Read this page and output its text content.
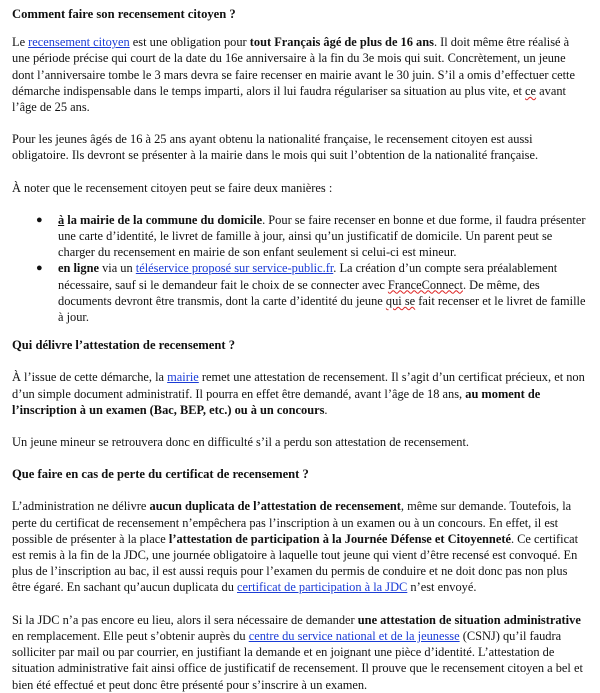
Comment faire son recensement citoyen ?

Le recensement citoyen est une obligation pour tout Français âgé de plus de 16 ans. Il doit même être réalisé à une période précise qui court de la date du 16e anniversaire à la fin du 3e mois qui suit. Concrètement, un jeune dont l’anniversaire tombe le 3 mars devra se faire recenser en mairie avant le 30 juin. S’il a omis d’effectuer cette démarche indispensable dans le temps imparti, alors il lui faudra régulariser sa situation au plus vite, et ce avant l’âge de 25 ans.

Pour les jeunes âgés de 16 à 25 ans ayant obtenu la nationalité française, le recensement citoyen est aussi obligatoire. Ils devront se présenter à la mairie dans le mois qui suit l’obtention de la nationalité française.

À noter que le recensement citoyen peut se faire deux manières :

● à la mairie de la commune du domicile. Pour se faire recenser en bonne et due forme, il faudra présenter une carte d’identité, le livret de famille à jour, ainsi qu’un justificatif de domicile. Un parent peut se charger du recensement en mairie de son enfant seulement si celui-ci est mineur.
● en ligne via un téléservice proposé sur service-public.fr. La création d’un compte sera préalablement nécessaire, sauf si le demandeur fait le choix de se connecter avec FranceConnect. De même, des documents devront être transmis, dont la carte d’identité du jeune qui se fait recenser et le livret de famille à jour.
Qui délivre l’attestation de recensement ?

À l’issue de cette démarche, la mairie remet une attestation de recensement. Il s’agit d’un certificat précieux, et non d’un simple document administratif. Il pourra en effet être demandé, avant l’âge de 18 ans, au moment de l’inscription à un examen (Bac, BEP, etc.) ou à un concours.

Un jeune mineur se retrouvera donc en difficulté s’il a perdu son attestation de recensement.

Que faire en cas de perte du certificat de recensement ?

L’administration ne délivre aucun duplicata de l’attestation de recensement, même sur demande. Toutefois, la perte du certificat de recensement n’empêchera pas l’inscription à un examen ou à un concours. En effet, il est possible de présenter à la place l’attestation de participation à la Journée Défense et Citoyenneté. Ce certificat est remis à la fin de la JDC, une journée obligatoire à laquelle tout jeune qui vient d’être recensé est convoqué. En plus de l’inscription au bac, il est aussi requis pour l’examen du permis de conduire et ne doit donc pas non plus être égaré. En sachant qu’aucun duplicata du certificat de participation à la JDC n’est envoyé.

Si la JDC n’a pas encore eu lieu, alors il sera nécessaire de demander une attestation de situation administrative en remplacement. Elle peut s’obtenir auprès du centre du service national et de la jeunesse (CSNJ) qu’il faudra solliciter par mail ou par courrier, en justifiant la demande et en joignant une pièce d’identité. L’attestation de situation administrative fait ainsi office de justificatif de recensement. Il prouve que le recensement citoyen a bel et bien été effectué et peut donc être présenté pour s’inscrire à un examen.
